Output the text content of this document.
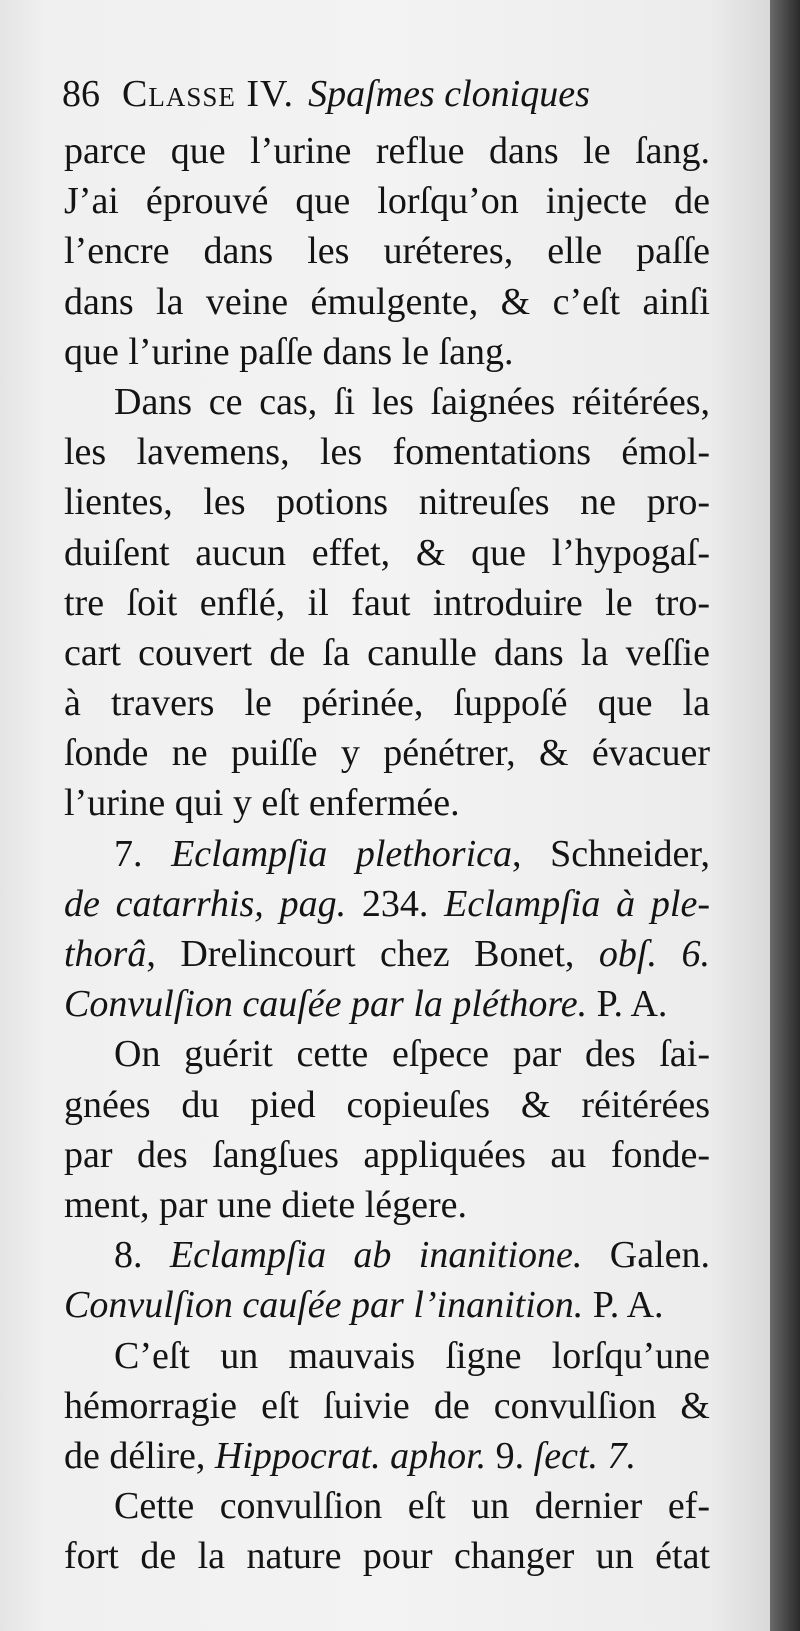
86 Classe IV. Spaſmes cloniques
parce que l’urine reflue dans le ſang.
J’ai éprouvé que lorſqu’on injecte de
l’encre dans les uréteres, elle paſſe
dans la veine émulgente, & c’eſt ainſi
que l’urine paſſe dans le ſang.
Dans ce cas, ſi les ſaignées réitérées,
les lavemens, les fomentations émol-
lientes, les potions nitreuſes ne pro-
duiſent aucun effet, & que l’hypogaſ-
tre ſoit enflé, il faut introduire le tro-
cart couvert de ſa canulle dans la veſſie
à travers le périnée, ſuppoſé que la
ſonde ne puiſſe y pénétrer, & évacuer
l’urine qui y eſt enfermée.
7. Eclampſia plethorica, Schneider,
de catarrhis, pag. 234. Eclampſia à ple-
thorâ, Drelincourt chez Bonet, obſ. 6.
Convulſion cauſée par la pléthore. P. A.
On guérit cette eſpece par des ſai-
gnées du pied copieuſes & réitérées
par des ſangſues appliquées au fonde-
ment, par une diete légere.
8. Eclampſia ab inanitione. Galen.
Convulſion cauſée par l’inanition. P. A.
C’eſt un mauvais ſigne lorſqu’une
hémorragie eſt ſuivie de convulſion &
de délire, Hippocrat. aphor. 9. ſect. 7.
Cette convulſion eſt un dernier ef-
fort de la nature pour changer un état
